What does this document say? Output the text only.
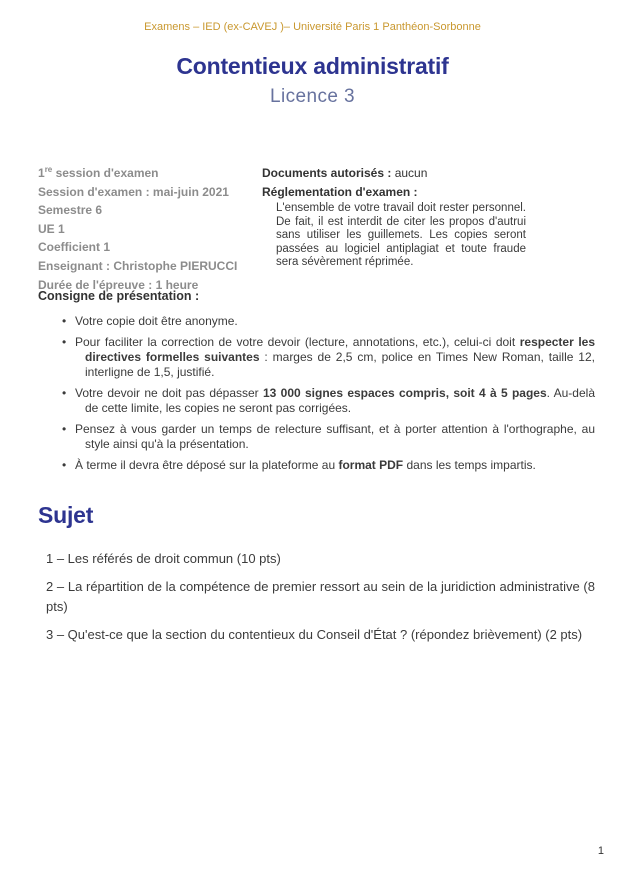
Examens – IED (ex-CAVEJ )– Université Paris 1 Panthéon-Sorbonne
Contentieux administratif
Licence 3
1re session d'examen
Session d'examen : mai-juin 2021
Semestre 6
UE 1
Coefficient 1
Enseignant : Christophe PIERUCCI
Durée de l'épreuve : 1 heure
Documents autorisés : aucun
Réglementation d'examen :

L'ensemble de votre travail doit rester personnel. De fait, il est interdit de citer les propos d'autrui sans utiliser les guillemets. Les copies seront passées au logiciel antiplagiat et toute fraude sera sévèrement réprimée.

Consigne de présentation :
• Votre copie doit être anonyme.
• Pour faciliter la correction de votre devoir (lecture, annotations, etc.), celui-ci doit respecter les directives formelles suivantes : marges de 2,5 cm, police en Times New Roman, taille 12, interligne de 1,5, justifié.
• Votre devoir ne doit pas dépasser 13 000 signes espaces compris, soit 4 à 5 pages. Au-delà de cette limite, les copies ne seront pas corrigées.
• Pensez à vous garder un temps de relecture suffisant, et à porter attention à l'orthographe, au style ainsi qu'à la présentation.
• À terme il devra être déposé sur la plateforme au format PDF dans les temps impartis.
Sujet

1 – Les référés de droit commun (10 pts)

2 – La répartition de la compétence de premier ressort au sein de la juridiction administrative (8 pts)

3 – Qu'est-ce que la section du contentieux du Conseil d'État ? (répondez brièvement) (2 pts)

1
